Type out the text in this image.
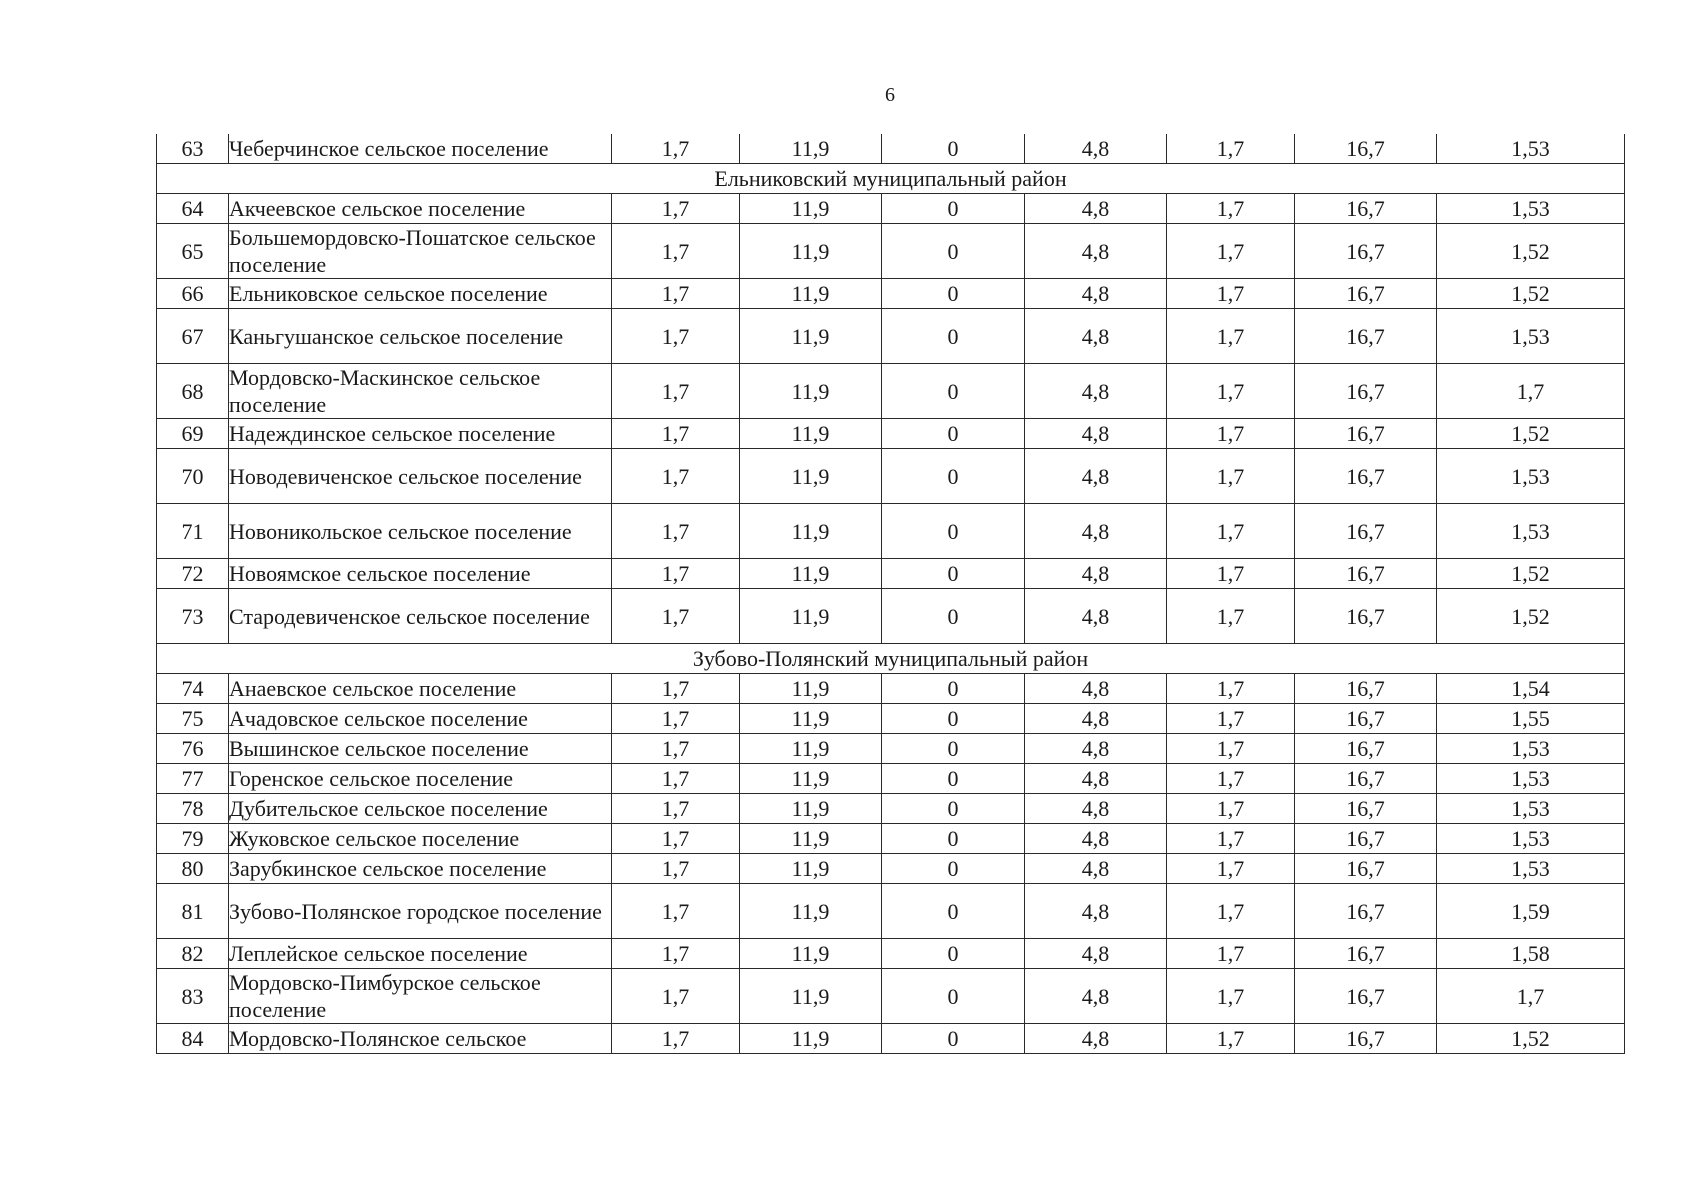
6
63	Чеберчинское сельское поселение	1,7	11,9	0	4,8	1,7	16,7	1,53
Ельниковский муниципальный район								
64	Акчеевское сельское поселение	1,7	11,9	0	4,8	1,7	16,7	1,53
65	Большемордовско-Пошатское сельское поселение	1,7	11,9	0	4,8	1,7	16,7	1,52
66	Ельниковское сельское поселение	1,7	11,9	0	4,8	1,7	16,7	1,52
67	Каньгушанское сельское поселение	1,7	11,9	0	4,8	1,7	16,7	1,53
68	Мордовско-Маскинское сельское поселение	1,7	11,9	0	4,8	1,7	16,7	1,7
69	Надеждинское сельское поселение	1,7	11,9	0	4,8	1,7	16,7	1,52
70	Новодевиченское сельское поселение	1,7	11,9	0	4,8	1,7	16,7	1,53
71	Новоникольское сельское поселение	1,7	11,9	0	4,8	1,7	16,7	1,53
72	Новоямское сельское поселение	1,7	11,9	0	4,8	1,7	16,7	1,52
73	Стародевиченское сельское поселение	1,7	11,9	0	4,8	1,7	16,7	1,52
Зубово-Полянский муниципальный район								
74	Анаевское сельское поселение	1,7	11,9	0	4,8	1,7	16,7	1,54
75	Ачадовское сельское поселение	1,7	11,9	0	4,8	1,7	16,7	1,55
76	Вышинское сельское поселение	1,7	11,9	0	4,8	1,7	16,7	1,53
77	Горенское сельское поселение	1,7	11,9	0	4,8	1,7	16,7	1,53
78	Дубительское сельское поселение	1,7	11,9	0	4,8	1,7	16,7	1,53
79	Жуковское сельское поселение	1,7	11,9	0	4,8	1,7	16,7	1,53
80	Зарубкинское сельское поселение	1,7	11,9	0	4,8	1,7	16,7	1,53
81	Зубово-Полянское городское поселение	1,7	11,9	0	4,8	1,7	16,7	1,59
82	Леплейское сельское поселение	1,7	11,9	0	4,8	1,7	16,7	1,58
83	Мордовско-Пимбурское сельское поселение	1,7	11,9	0	4,8	1,7	16,7	1,7
84	Мордовско-Полянское сельское	1,7	11,9	0	4,8	1,7	16,7	1,52
